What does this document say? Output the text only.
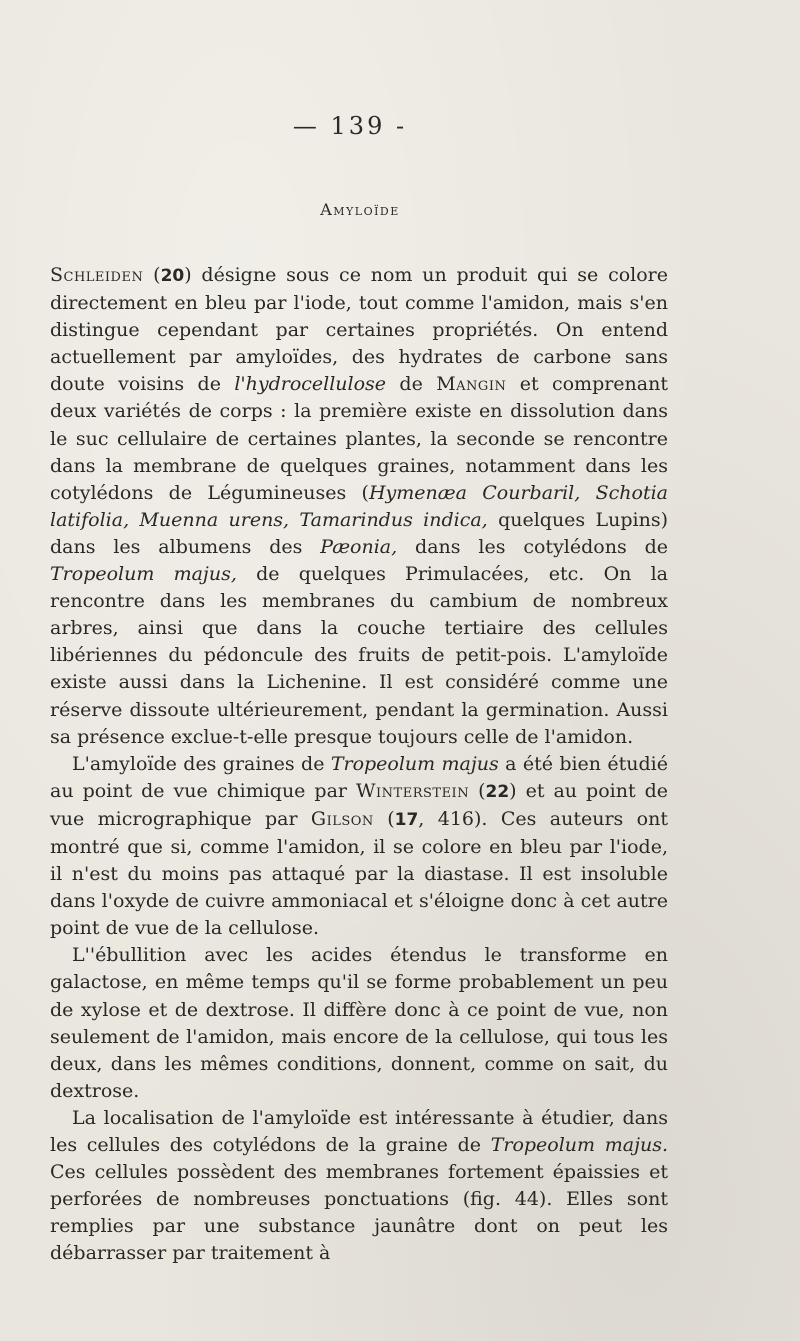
— 139 -
Amyloïde

Schleiden (20) désigne sous ce nom un produit qui se colore directement en bleu par l'iode, tout comme l'amidon, mais s'en distingue cependant par certaines propriétés. On entend actuellement par amyloïdes, des hydrates de carbone sans doute voisins de l'hydrocellulose de Mangin et comprenant deux variétés de corps : la première existe en dissolution dans le suc cellulaire de certaines plantes, la seconde se rencontre dans la membrane de quelques graines, notamment dans les cotylédons de Légumineuses (Hymenæa Courbaril, Schotia latifolia, Muenna urens, Tamarindus indica, quelques Lupins) dans les albumens des Pæonia, dans les cotylédons de Tropeolum majus, de quelques Primulacées, etc. On la rencontre dans les membranes du cambium de nombreux arbres, ainsi que dans la couche tertiaire des cellules libériennes du pédoncule des fruits de petit-pois. L'amyloïde existe aussi dans la Lichenine. Il est considéré comme une réserve dissoute ultérieurement, pendant la germination. Aussi sa présence exclue-t-elle presque toujours celle de l'amidon.

L'amyloïde des graines de Tropeolum majus a été bien étudié au point de vue chimique par Winterstein (22) et au point de vue micrographique par Gilson (17, 416). Ces auteurs ont montré que si, comme l'amidon, il se colore en bleu par l'iode, il n'est du moins pas attaqué par la diastase. Il est insoluble dans l'oxyde de cuivre ammoniacal et s'éloigne donc à cet autre point de vue de la cellulose.

L''ébullition avec les acides étendus le transforme en galactose, en même temps qu'il se forme probablement un peu de xylose et de dextrose. Il diffère donc à ce point de vue, non seulement de l'amidon, mais encore de la cellulose, qui tous les deux, dans les mêmes conditions, donnent, comme on sait, du dextrose.

La localisation de l'amyloïde est intéressante à étudier, dans les cellules des cotylédons de la graine de Tropeolum majus. Ces cellules possèdent des membranes fortement épaissies et perforées de nombreuses ponctuations (fig. 44). Elles sont remplies par une substance jaunâtre dont on peut les débarrasser par traitement à
